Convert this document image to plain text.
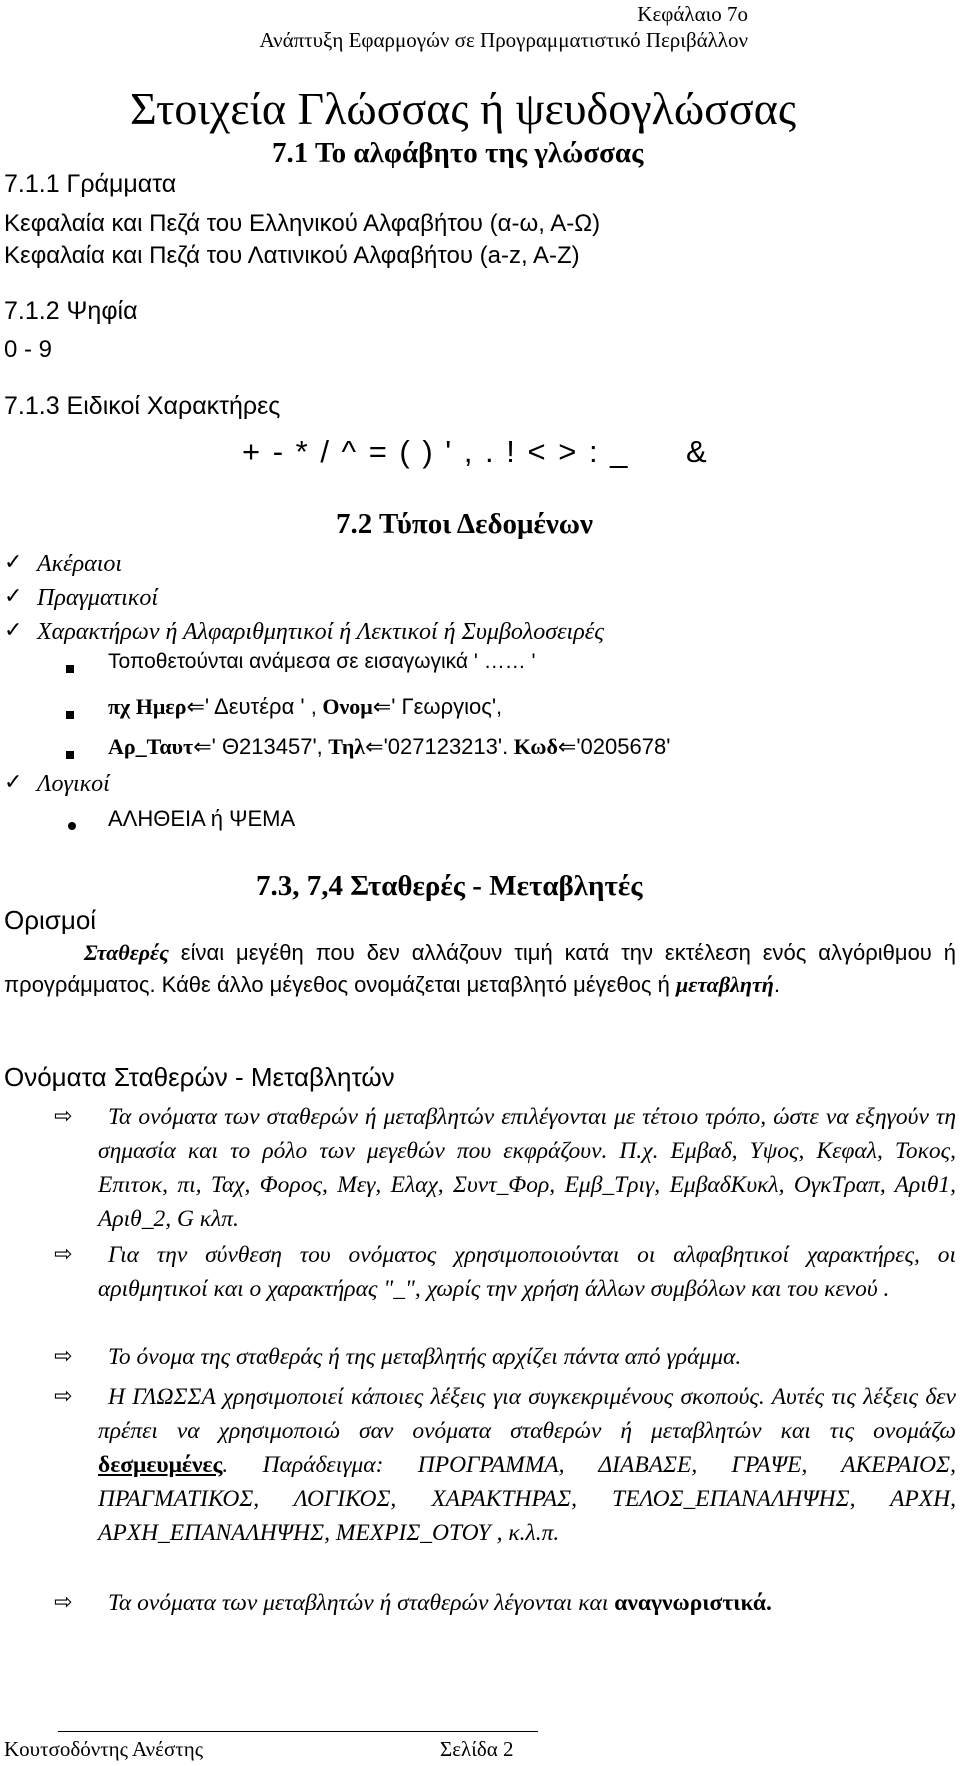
Κεφάλαιο 7ο
Ανάπτυξη Εφαρμογών σε Προγραμματιστικό Περιβάλλον
Στοιχεία Γλώσσας ή ψευδογλώσσας
7.1 Το αλφάβητο της γλώσσας
7.1.1 Γράμματα
Κεφαλαία και Πεζά του Ελληνικού Αλφαβήτου (α-ω, Α-Ω)
Κεφαλαία και Πεζά του Λατινικού Αλφαβήτου (a-z, A-Z)
7.1.2 Ψηφία
0 - 9
7.1.3 Ειδικοί Χαρακτήρες
+ - * / ^ = ( ) ' , . ! < > : _ &
7.2 Τύποι Δεδομένων
✓ Ακέραιοι
✓ Πραγματικοί
✓ Χαρακτήρων ή Αλφαριθμητικοί ή Λεκτικοί ή Συμβολοσειρές
Τοποθετούνται ανάμεσα σε εισαγωγικά ' …… '
πχ Ημερ⇐' Δευτέρα ' , Ονομ⇐' Γεωργιος',
Αρ_Ταυτ⇐' Θ213457', Τηλ⇐'027123213'. Κωδ⇐'0205678'
✓ Λογικοί
ΑΛΗΘΕΙΑ ή ΨΕΜΑ
7.3, 7,4 Σταθερές - Μεταβλητές
Ορισμοί
Σταθερές είναι μεγέθη που δεν αλλάζουν τιμή κατά την εκτέλεση ενός αλγόριθμου ή προγράμματος. Κάθε άλλο μέγεθος ονομάζεται μεταβλητό μέγεθος ή μεταβλητή.
Ονόματα Σταθερών - Μεταβλητών
⇨	Τα ονόματα των σταθερών ή μεταβλητών επιλέγονται με τέτοιο τρόπο, ώστε να εξηγούν τη σημασία και το ρόλο των μεγεθών που εκφράζουν. Π.χ. Εμβαδ, Υψος, Κεφαλ, Τοκος, Επιτοκ, πι, Ταχ, Φορος, Μεγ, Ελαχ, Συντ_Φορ, Εμβ_Τριγ, ΕμβαδΚυκλ, ΟγκΤραπ, Αριθ1, Αριθ_2, G κλπ.
⇨	Για την σύνθεση του ονόματος χρησιμοποιούνται οι αλφαβητικοί χαρακτήρες, οι αριθμητικοί και ο χαρακτήρας "_", χωρίς την χρήση άλλων συμβόλων και του κενού .
⇨	Το όνομα της σταθεράς ή της μεταβλητής αρχίζει πάντα από γράμμα.
⇨	Η ΓΛΩΣΣΑ χρησιμοποιεί κάποιες λέξεις για συγκεκριμένους σκοπούς. Αυτές τις λέξεις δεν πρέπει να χρησιμοποιώ σαν ονόματα σταθερών ή μεταβλητών και τις ονομάζω δεσμευμένες. Παράδειγμα: ΠΡΟΓΡΑΜΜΑ, ΔΙΑΒΑΣΕ, ΓΡΑΨΕ, ΑΚΕΡΑΙΟΣ, ΠΡΑΓΜΑΤΙΚΟΣ, ΛΟΓΙΚΟΣ, ΧΑΡΑΚΤΗΡΑΣ, ΤΕΛΟΣ_ΕΠΑΝΑΛΗΨΗΣ, ΑΡΧΗ, ΑΡΧΗ_ΕΠΑΝΑΛΗΨΗΣ, ΜΕΧΡΙΣ_ΟΤΟΥ , κ.λ.π.
⇨	Τα ονόματα των μεταβλητών ή σταθερών λέγονται και αναγνωριστικά.
Κουτσοδόντης Ανέστης	Σελίδα 2
